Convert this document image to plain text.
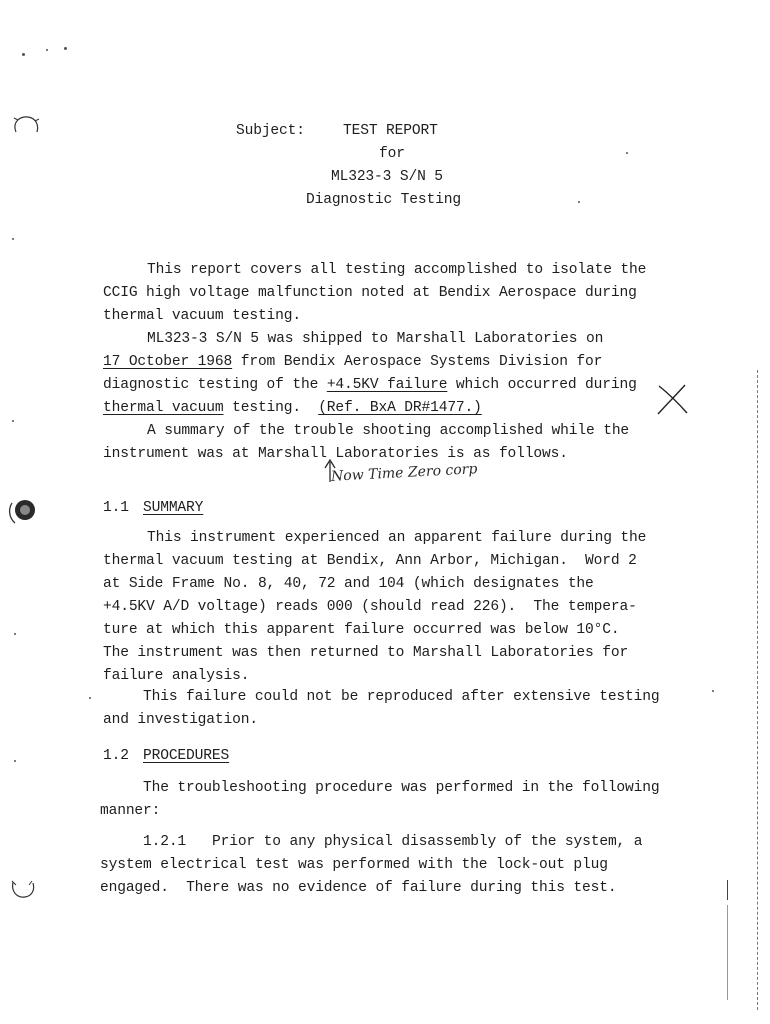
Subject:	TEST REPORT
for
ML323-3 S/N 5
Diagnostic Testing
This report covers all testing accomplished to isolate the
CCIG high voltage malfunction noted at Bendix Aerospace during
thermal vacuum testing.
ML323-3 S/N 5 was shipped to Marshall Laboratories on
17 October 1968 from Bendix Aerospace Systems Division for
diagnostic testing of the +4.5KV failure which occurred during
thermal vacuum testing.  (Ref. BxA DR#1477.)
A summary of the trouble shooting accomplished while the
instrument was at Marshall Laboratories is as follows.
Now Time Zero corp
1.1 SUMMARY
This instrument experienced an apparent failure during the
thermal vacuum testing at Bendix, Ann Arbor, Michigan.  Word 2
at Side Frame No. 8, 40, 72 and 104 (which designates the
+4.5KV A/D voltage) reads 000 (should read 226).  The tempera-
ture at which this apparent failure occurred was below 10°C.
The instrument was then returned to Marshall Laboratories for
failure analysis.
This failure could not be reproduced after extensive testing
and investigation.
1.2 PROCEDURES
The troubleshooting procedure was performed in the following
manner:
1.2.1 Prior to any physical disassembly of the system, a
system electrical test was performed with the lock-out plug
engaged.  There was no evidence of failure during this test.
